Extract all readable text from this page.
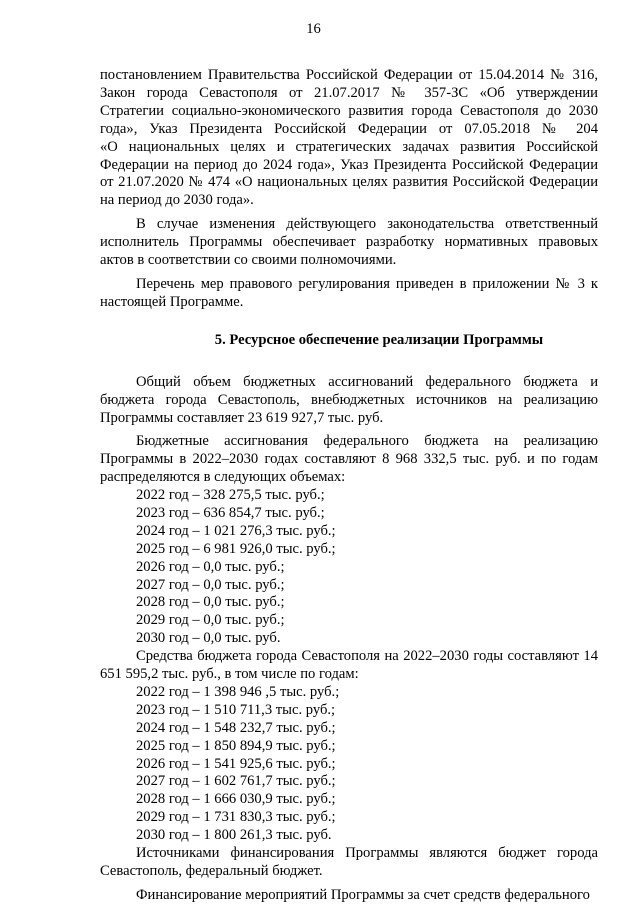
16
постановлением Правительства Российской Федерации от 15.04.2014 № 316,
Закон города Севастополя от 21.07.2017 № 357-ЗС «Об утверждении
Стратегии социально-экономического развития города Севастополя до 2030
года», Указ Президента Российской Федерации от 07.05.2018 № 204
«О национальных целях и стратегических задачах развития Российской
Федерации на период до 2024 года», Указ Президента Российской Федерации
от 21.07.2020 № 474 «О национальных целях развития Российской Федерации
на период до 2030 года».

В случае изменения действующего законодательства ответственный исполнитель Программы обеспечивает разработку нормативных правовых актов в соответствии со своими полномочиями.

Перечень мер правового регулирования приведен в приложении № 3 к настоящей Программе.

5. Ресурсное обеспечение реализации Программы

Общий объем бюджетных ассигнований федерального бюджета и бюджета города Севастополь, внебюджетных источников на реализацию Программы составляет 23 619 927,7 тыс. руб.

Бюджетные ассигнования федерального бюджета на реализацию Программы в 2022–2030 годах составляют 8 968 332,5 тыс. руб. и по годам распределяются в следующих объемах:

2022 год – 328 275,5 тыс. руб.;
2023 год – 636 854,7 тыс. руб.;
2024 год – 1 021 276,3 тыс. руб.;
2025 год – 6 981 926,0 тыс. руб.;
2026 год – 0,0 тыс. руб.;
2027 год – 0,0 тыс. руб.;
2028 год – 0,0 тыс. руб.;
2029 год – 0,0 тыс. руб.;
2030 год – 0,0 тыс. руб.

Средства бюджета города Севастополя на 2022–2030 годы составляют 14 651 595,2 тыс. руб., в том числе по годам:

2022 год – 1 398 946 ,5 тыс. руб.;
2023 год – 1 510 711,3 тыс. руб.;
2024 год – 1 548 232,7 тыс. руб.;
2025 год – 1 850 894,9 тыс. руб.;
2026 год – 1 541 925,6 тыс. руб.;
2027 год – 1 602 761,7 тыс. руб.;
2028 год – 1 666 030,9 тыс. руб.;
2029 год – 1 731 830,3 тыс. руб.;
2030 год – 1 800 261,3 тыс. руб.

Источниками финансирования Программы являются бюджет города Севастополь, федеральный бюджет.

Финансирование мероприятий Программы за счет средств федерального
